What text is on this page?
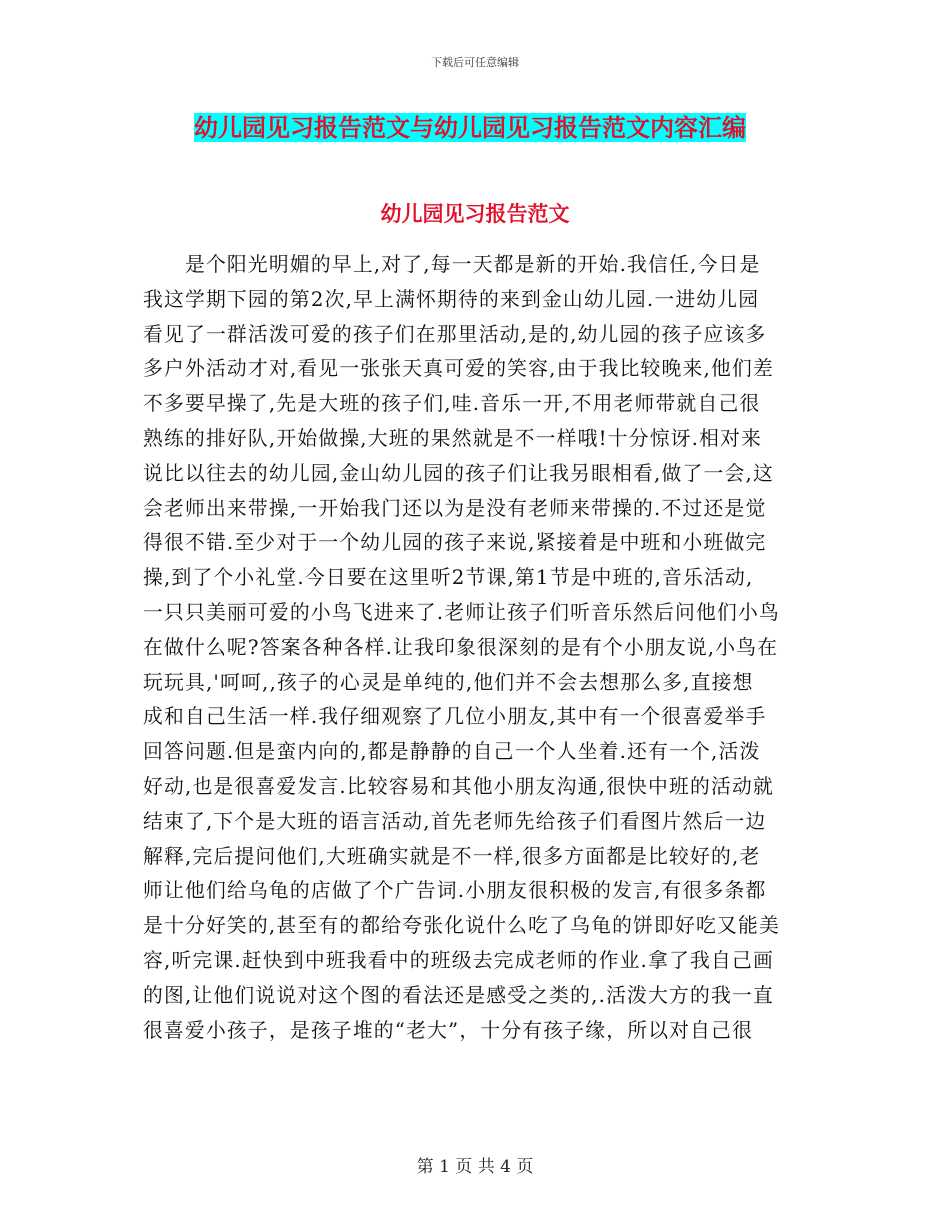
下载后可任意编辑
幼儿园见习报告范文与幼儿园见习报告范文内容汇编
幼儿园见习报告范文
　　是个阳光明媚的早上,对了,每一天都是新的开始.我信任,今日是
我这学期下园的第2次,早上满怀期待的来到金山幼儿园.一进幼儿园
看见了一群活泼可爱的孩子们在那里活动,是的,幼儿园的孩子应该多
多户外活动才对,看见一张张天真可爱的笑容,由于我比较晚来,他们差
不多要早操了,先是大班的孩子们,哇.音乐一开,不用老师带就自己很
熟练的排好队,开始做操,大班的果然就是不一样哦!十分惊讶.相对来
说比以往去的幼儿园,金山幼儿园的孩子们让我另眼相看,做了一会,这
会老师出来带操,一开始我门还以为是没有老师来带操的.不过还是觉
得很不错.至少对于一个幼儿园的孩子来说,紧接着是中班和小班做完
操,到了个小礼堂.今日要在这里听2节课,第1节是中班的,音乐活动,
一只只美丽可爱的小鸟飞进来了.老师让孩子们听音乐然后问他们小鸟
在做什么呢?答案各种各样.让我印象很深刻的是有个小朋友说,小鸟在
玩玩具,'呵呵,,孩子的心灵是单纯的,他们并不会去想那么多,直接想
成和自己生活一样.我仔细观察了几位小朋友,其中有一个很喜爱举手
回答问题.但是蛮内向的,都是静静的自己一个人坐着.还有一个,活泼
好动,也是很喜爱发言.比较容易和其他小朋友沟通,很快中班的活动就
结束了,下个是大班的语言活动,首先老师先给孩子们看图片然后一边
解释,完后提问他们,大班确实就是不一样,很多方面都是比较好的,老
师让他们给乌龟的店做了个广告词.小朋友很积极的发言,有很多条都
是十分好笑的,甚至有的都给夸张化说什么吃了乌龟的饼即好吃又能美
容,听完课.赶快到中班我看中的班级去完成老师的作业.拿了我自己画
的图,让他们说说对这个图的看法还是感受之类的,.活泼大方的我一直
很喜爱小孩子，是孩子堆的“老大”，十分有孩子缘，所以对自己很
第 1 页 共 4 页
